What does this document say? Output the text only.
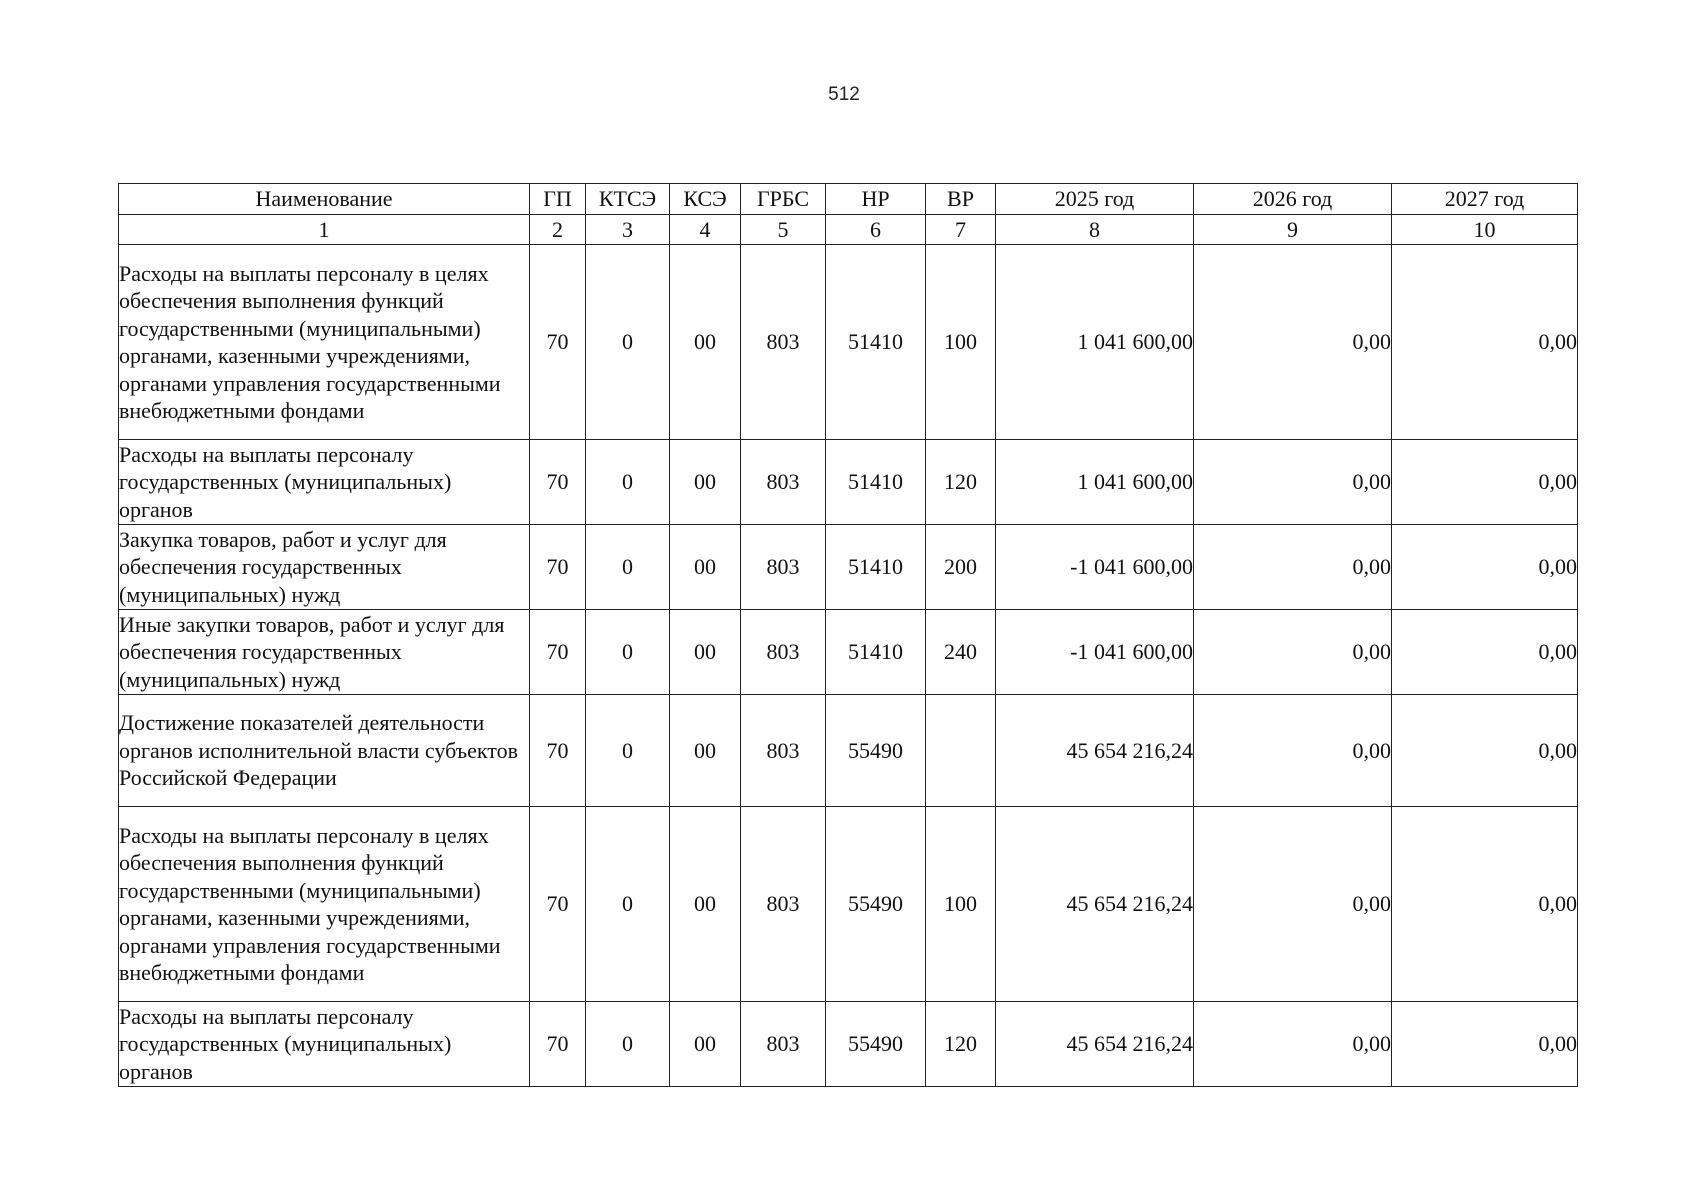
512
Наименование	ГП	КТСЭ	КСЭ	ГРБС	НР	ВР	2025 год	2026 год	2027 год
1	2	3	4	5	6	7	8	9	10
Расходы на выплаты персоналу в целях обеспечения выполнения функций государственными (муниципальными) органами, казенными учреждениями, органами управления государственными внебюджетными фондами	70	0	00	803	51410	100	1 041 600,00	0,00	0,00
Расходы на выплаты персоналу государственных (муниципальных) органов	70	0	00	803	51410	120	1 041 600,00	0,00	0,00
Закупка товаров, работ и услуг для обеспечения государственных (муниципальных) нужд	70	0	00	803	51410	200	-1 041 600,00	0,00	0,00
Иные закупки товаров, работ и услуг для обеспечения государственных (муниципальных) нужд	70	0	00	803	51410	240	-1 041 600,00	0,00	0,00
Достижение показателей деятельности органов исполнительной власти субъектов Российской Федерации	70	0	00	803	55490		45 654 216,24	0,00	0,00
Расходы на выплаты персоналу в целях обеспечения выполнения функций государственными (муниципальными) органами, казенными учреждениями, органами управления государственными внебюджетными фондами	70	0	00	803	55490	100	45 654 216,24	0,00	0,00
Расходы на выплаты персоналу государственных (муниципальных) органов	70	0	00	803	55490	120	45 654 216,24	0,00	0,00
